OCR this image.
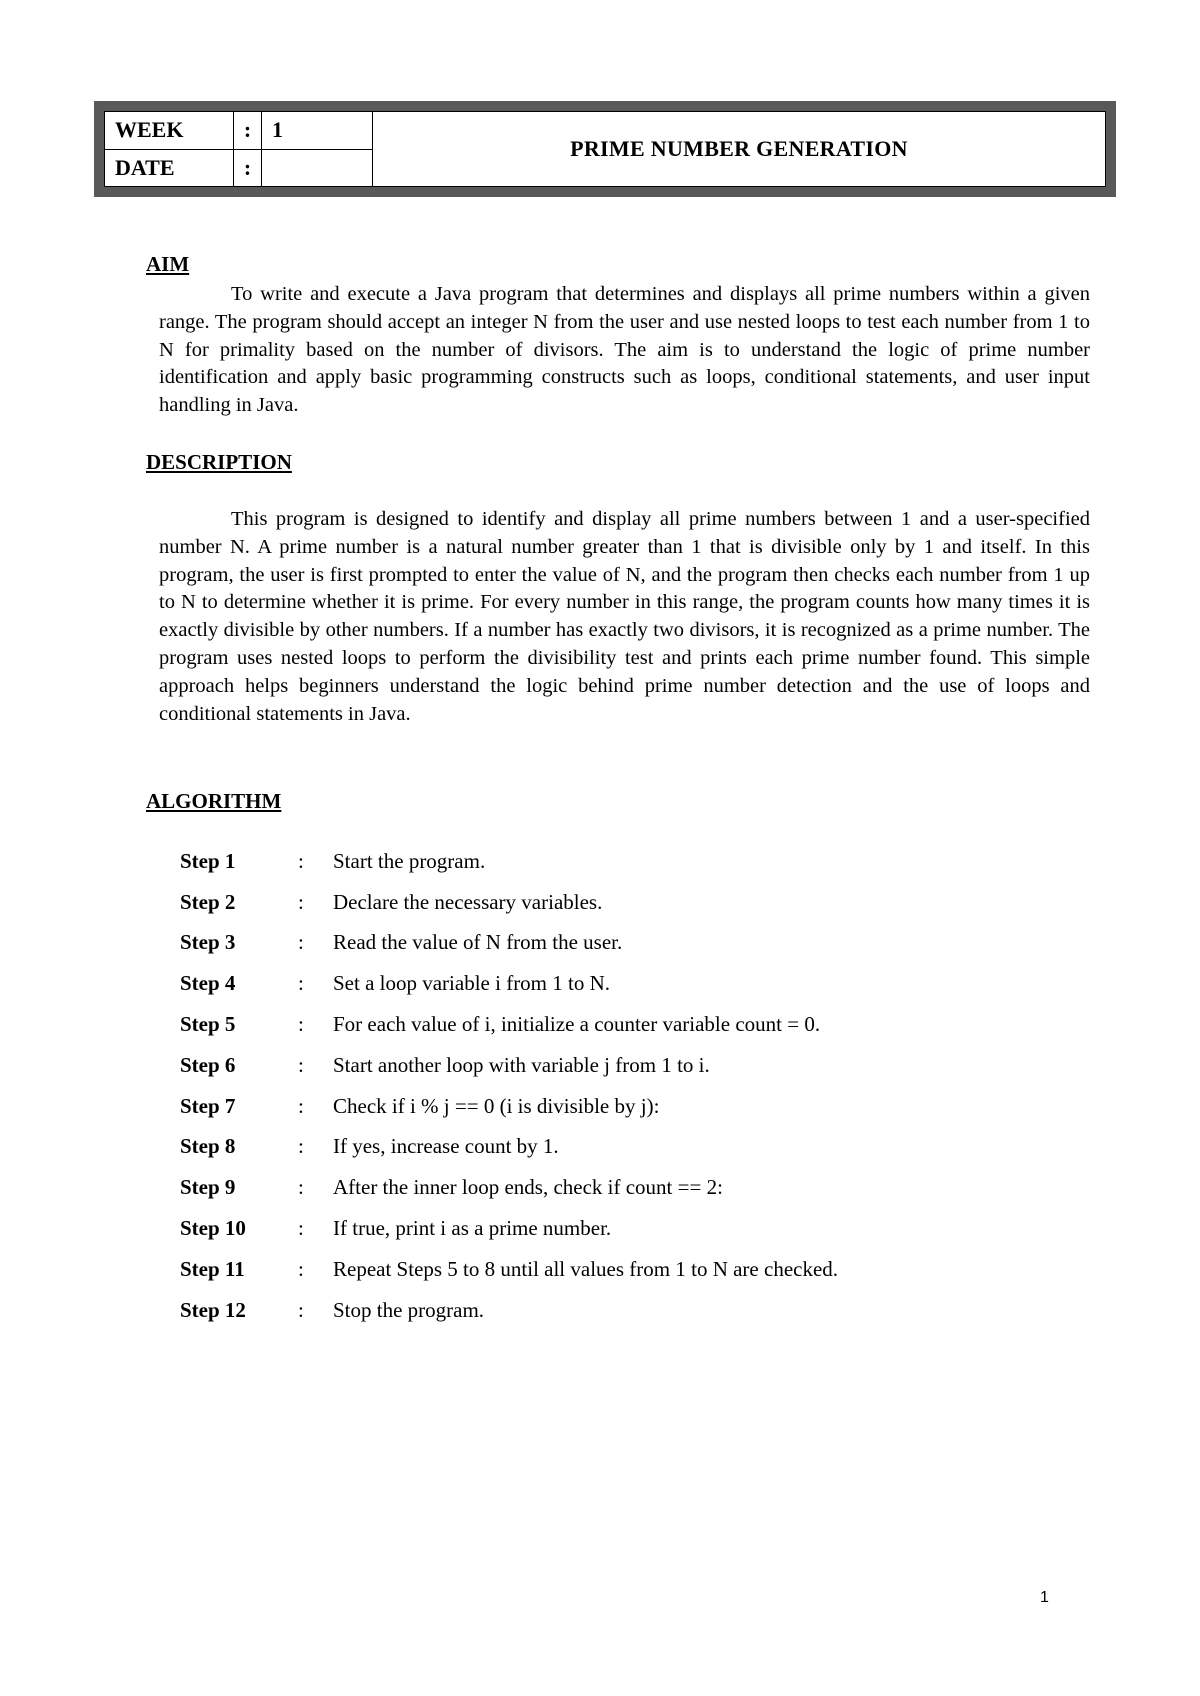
WEEK	:	1	PRIME NUMBER GENERATION
DATE	:		
AIM

To write and execute a Java program that determines and displays all prime numbers within a given range. The program should accept an integer N from the user and use nested loops to test each number from 1 to N for primality based on the number of divisors. The aim is to understand the logic of prime number identification and apply basic programming constructs such as loops, conditional statements, and user input handling in Java.

DESCRIPTION

This program is designed to identify and display all prime numbers between 1 and a user-specified number N. A prime number is a natural number greater than 1 that is divisible only by 1 and itself. In this program, the user is first prompted to enter the value of N, and the program then checks each number from 1 up to N to determine whether it is prime. For every number in this range, the program counts how many times it is exactly divisible by other numbers. If a number has exactly two divisors, it is recognized as a prime number. The program uses nested loops to perform the divisibility test and prints each prime number found. This simple approach helps beginners understand the logic behind prime number detection and the use of loops and conditional statements in Java.

ALGORITHM
Step 1	:	Start the program.
Step 2	:	Declare the necessary variables.
Step 3	:	Read the value of N from the user.
Step 4	:	Set a loop variable i from 1 to N.
Step 5	:	For each value of i, initialize a counter variable count = 0.
Step 6	:	Start another loop with variable j from 1 to i.
Step 7	:	Check if i % j == 0 (i is divisible by j):
Step 8	:	If yes, increase count by 1.
Step 9	:	After the inner loop ends, check if count == 2:
Step 10	:	If true, print i as a prime number.
Step 11	:	Repeat Steps 5 to 8 until all values from 1 to N are checked.
Step 12	:	Stop the program.
1
